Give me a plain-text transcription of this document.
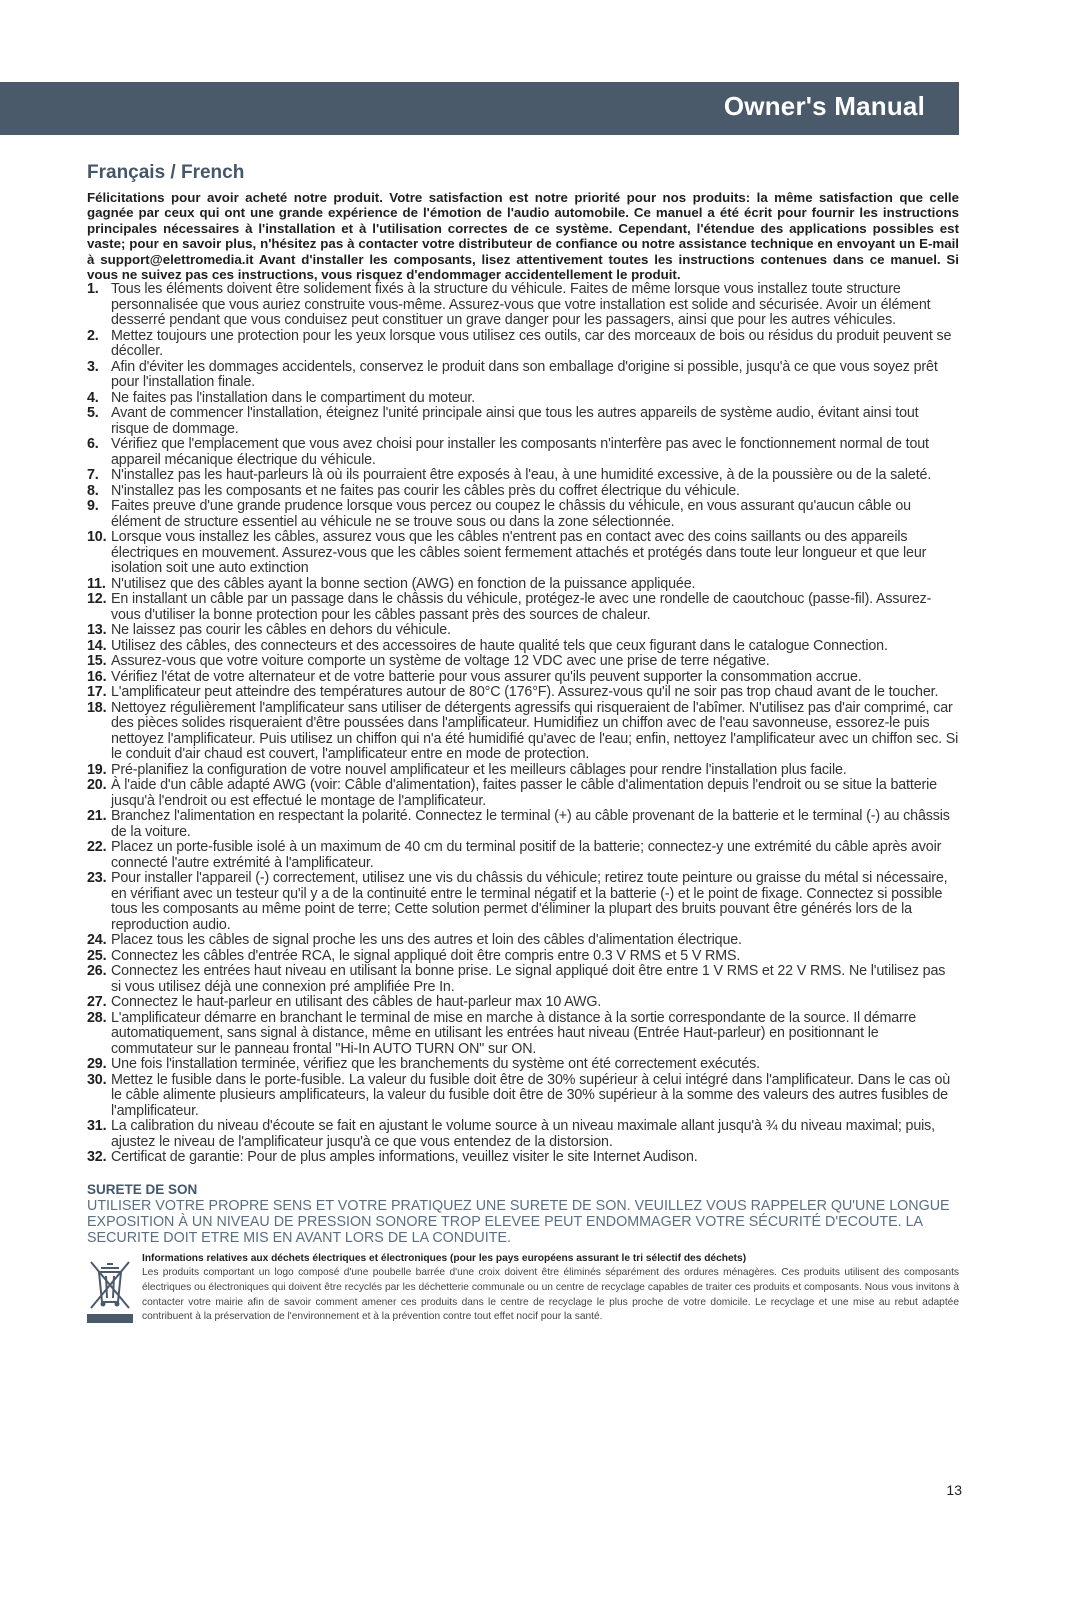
Owner's Manual
Français / French

Félicitations pour avoir acheté notre produit. Votre satisfaction est notre priorité pour nos produits: la même satisfaction que celle gagnée par ceux qui ont une grande expérience de l'émotion de l'audio automobile. Ce manuel a été écrit pour fournir les instructions principales nécessaires à l'installation et à l'utilisation correctes de ce système. Cependant, l'étendue des applications possibles est vaste; pour en savoir plus, n'hésitez pas à contacter votre distributeur de confiance ou notre assistance technique en envoyant un E-mail à support@elettromedia.it Avant d'installer les composants, lisez attentivement toutes les instructions contenues dans ce manuel. Si vous ne suivez pas ces instructions, vous risquez d'endommager accidentellement le produit.

1. Tous les éléments doivent être solidement fixés à la structure du véhicule. Faites de même lorsque vous installez toute structure personnalisée que vous auriez construite vous-même. Assurez-vous que votre installation est solide and sécurisée. Avoir un élément desserré pendant que vous conduisez peut constituer un grave danger pour les passagers, ainsi que pour les autres véhicules.
2. Mettez toujours une protection pour les yeux lorsque vous utilisez ces outils, car des morceaux de bois ou résidus du produit peuvent se décoller.
3. Afin d'éviter les dommages accidentels, conservez le produit dans son emballage d'origine si possible, jusqu'à ce que vous soyez prêt pour l'installation finale.
4. Ne faites pas l'installation dans le compartiment du moteur.
5. Avant de commencer l'installation, éteignez l'unité principale ainsi que tous les autres appareils de système audio, évitant ainsi tout risque de dommage.
6. Vérifiez que l'emplacement que vous avez choisi pour installer les composants n'interfère pas avec le fonctionnement normal de tout appareil mécanique électrique du véhicule.
7. N'installez pas les haut-parleurs là où ils pourraient être exposés à l'eau, à une humidité excessive, à de la poussière ou de la saleté.
8. N'installez pas les composants et ne faites pas courir les câbles près du coffret électrique du véhicule.
9. Faites preuve d'une grande prudence lorsque vous percez ou coupez le châssis du véhicule, en vous assurant qu'aucun câble ou élément de structure essentiel au véhicule ne se trouve sous ou dans la zone sélectionnée.
10. Lorsque vous installez les câbles, assurez vous que les câbles n'entrent pas en contact avec des coins saillants ou des appareils électriques en mouvement. Assurez-vous que les câbles soient fermement attachés et protégés dans toute leur longueur et que leur isolation soit une auto extinction
11. N'utilisez que des câbles ayant la bonne section (AWG) en fonction de la puissance appliquée.
12. En installant un câble par un passage dans le châssis du véhicule, protégez-le avec une rondelle de caoutchouc (passe-fil). Assurez-vous d'utiliser la bonne protection pour les câbles passant près des sources de chaleur.
13. Ne laissez pas courir les câbles en dehors du véhicule.
14. Utilisez des câbles, des connecteurs et des accessoires de haute qualité tels que ceux figurant dans le catalogue Connection.
15. Assurez-vous que votre voiture comporte un système de voltage 12 VDC avec une prise de terre négative.
16. Vérifiez l'état de votre alternateur et de votre batterie pour vous assurer qu'ils peuvent supporter la consommation accrue.
17. L'amplificateur peut atteindre des températures autour de 80°C (176°F). Assurez-vous qu'il ne soir pas trop chaud avant de le toucher.
18. Nettoyez régulièrement l'amplificateur sans utiliser de détergents agressifs qui risqueraient de l'abîmer. N'utilisez pas d'air comprimé, car des pièces solides risqueraient d'être poussées dans l'amplificateur. Humidifiez un chiffon avec de l'eau savonneuse, essorez-le puis nettoyez l'amplificateur. Puis utilisez un chiffon qui n'a été humidifié qu'avec de l'eau; enfin, nettoyez l'amplificateur avec un chiffon sec. Si le conduit d'air chaud est couvert, l'amplificateur entre en mode de protection.
19. Pré-planifiez la configuration de votre nouvel amplificateur et les meilleurs câblages pour rendre l'installation plus facile.
20. À l'aide d'un câble adapté AWG (voir: Câble d'alimentation), faites passer le câble d'alimentation depuis l'endroit ou se situe la batterie jusqu'à l'endroit ou est effectué le montage de l'amplificateur.
21. Branchez l'alimentation en respectant la polarité. Connectez le terminal (+) au câble provenant de la batterie et le terminal (-) au châssis de la voiture.
22. Placez un porte-fusible isolé à un maximum de 40 cm du terminal positif de la batterie; connectez-y une extrémité du câble après avoir connecté l'autre extrémité à l'amplificateur.
23. Pour installer l'appareil (-) correctement, utilisez une vis du châssis du véhicule; retirez toute peinture ou graisse du métal si nécessaire, en vérifiant avec un testeur qu'il y a de la continuité entre le terminal négatif et la batterie (-) et le point de fixage. Connectez si possible tous les composants au même point de terre; Cette solution permet d'éliminer la plupart des bruits pouvant être générés lors de la reproduction audio.
24. Placez tous les câbles de signal proche les uns des autres et loin des câbles d'alimentation électrique.
25. Connectez les câbles d'entrée RCA, le signal appliqué doit être compris entre 0.3 V RMS et 5 V RMS.
26. Connectez les entrées haut niveau en utilisant la bonne prise. Le signal appliqué doit être entre 1 V RMS et 22 V RMS. Ne l'utilisez pas si vous utilisez déjà une connexion pré amplifiée Pre In.
27. Connectez le haut-parleur en utilisant des câbles de haut-parleur max 10 AWG.
28. L'amplificateur démarre en branchant le terminal de mise en marche à distance à la sortie correspondante de la source. Il démarre automatiquement, sans signal à distance, même en utilisant les entrées haut niveau (Entrée Haut-parleur) en positionnant le commutateur sur le panneau frontal "Hi-In AUTO TURN ON" sur ON.
29. Une fois l'installation terminée, vérifiez que les branchements du système ont été correctement exécutés.
30. Mettez le fusible dans le porte-fusible. La valeur du fusible doit être de 30% supérieur à celui intégré dans l'amplificateur. Dans le cas où le câble alimente plusieurs amplificateurs, la valeur du fusible doit être de 30% supérieur à la somme des valeurs des autres fusibles de l'amplificateur.
31. La calibration du niveau d'écoute se fait en ajustant le volume source à un niveau maximale allant jusqu'à ¾ du niveau maximal; puis, ajustez le niveau de l'amplificateur jusqu'à ce que vous entendez de la distorsion.
32. Certificat de garantie: Pour de plus amples informations, veuillez visiter le site Internet Audison.
SURETE DE SON
UTILISER VOTRE PROPRE SENS ET VOTRE PRATIQUEZ UNE SURETE DE SON. VEUILLEZ VOUS RAPPELER QU'UNE LONGUE EXPOSITION À UN NIVEAU DE PRESSION SONORE TROP ELEVEE PEUT ENDOMMAGER VOTRE SÉCURITÉ D'ECOUTE. LA SECURITE DOIT ETRE MIS EN AVANT LORS DE LA CONDUITE.
Informations relatives aux déchets électriques et électroniques (pour les pays européens assurant le tri sélectif des déchets)
Les produits comportant un logo composé d'une poubelle barrée d'une croix doivent être éliminés séparément des ordures ménagères. Ces produits utilisent des composants électriques ou électroniques qui doivent être recyclés par les déchetterie communale ou un centre de recyclage capables de traiter ces produits et composants. Nous vous invitons à contacter votre mairie afin de savoir comment amener ces produits dans le centre de recyclage le plus proche de votre domicile. Le recyclage et une mise au rebut adaptée contribuent à la préservation de l'environnement et à la prévention contre tout effet nocif pour la santé.
13
